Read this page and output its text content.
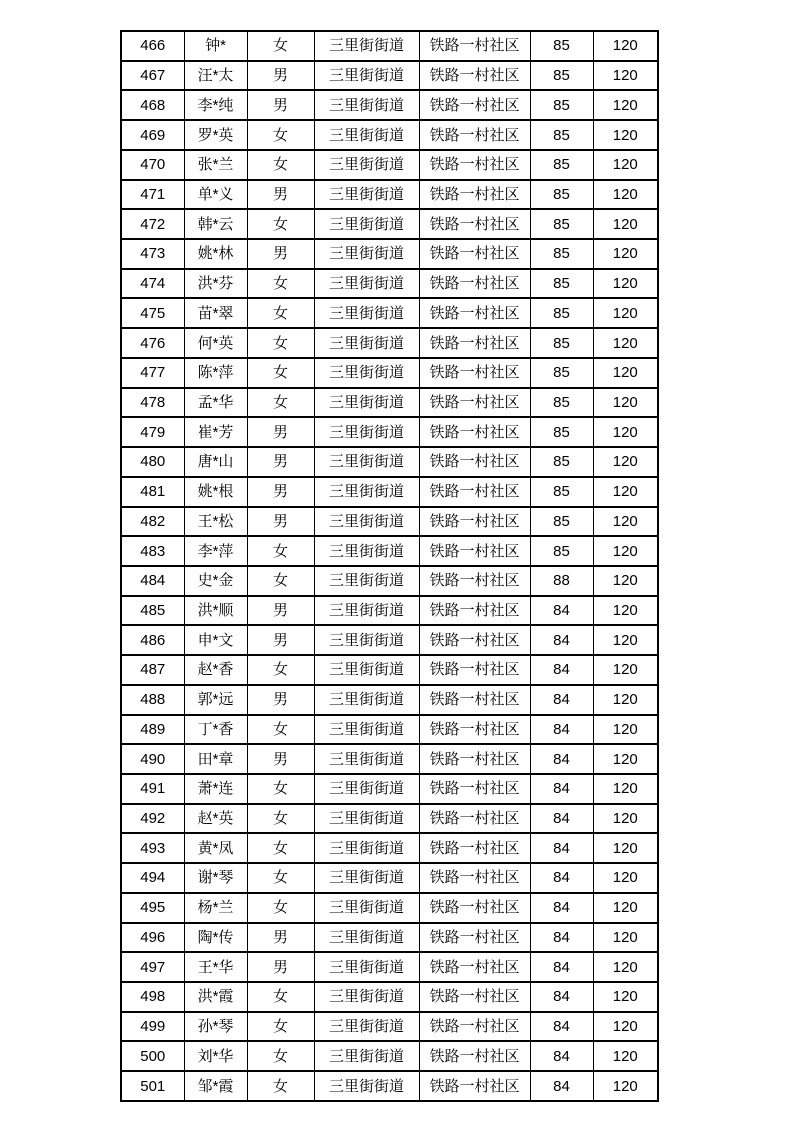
466	钟*	女	三里街街道	铁路一村社区	85	120
467	汪*太	男	三里街街道	铁路一村社区	85	120
468	李*纯	男	三里街街道	铁路一村社区	85	120
469	罗*英	女	三里街街道	铁路一村社区	85	120
470	张*兰	女	三里街街道	铁路一村社区	85	120
471	单*义	男	三里街街道	铁路一村社区	85	120
472	韩*云	女	三里街街道	铁路一村社区	85	120
473	姚*林	男	三里街街道	铁路一村社区	85	120
474	洪*芬	女	三里街街道	铁路一村社区	85	120
475	苗*翠	女	三里街街道	铁路一村社区	85	120
476	何*英	女	三里街街道	铁路一村社区	85	120
477	陈*萍	女	三里街街道	铁路一村社区	85	120
478	孟*华	女	三里街街道	铁路一村社区	85	120
479	崔*芳	男	三里街街道	铁路一村社区	85	120
480	唐*山	男	三里街街道	铁路一村社区	85	120
481	姚*根	男	三里街街道	铁路一村社区	85	120
482	王*松	男	三里街街道	铁路一村社区	85	120
483	李*萍	女	三里街街道	铁路一村社区	85	120
484	史*金	女	三里街街道	铁路一村社区	88	120
485	洪*顺	男	三里街街道	铁路一村社区	84	120
486	申*文	男	三里街街道	铁路一村社区	84	120
487	赵*香	女	三里街街道	铁路一村社区	84	120
488	郭*远	男	三里街街道	铁路一村社区	84	120
489	丁*香	女	三里街街道	铁路一村社区	84	120
490	田*章	男	三里街街道	铁路一村社区	84	120
491	萧*连	女	三里街街道	铁路一村社区	84	120
492	赵*英	女	三里街街道	铁路一村社区	84	120
493	黄*凤	女	三里街街道	铁路一村社区	84	120
494	谢*琴	女	三里街街道	铁路一村社区	84	120
495	杨*兰	女	三里街街道	铁路一村社区	84	120
496	陶*传	男	三里街街道	铁路一村社区	84	120
497	王*华	男	三里街街道	铁路一村社区	84	120
498	洪*霞	女	三里街街道	铁路一村社区	84	120
499	孙*琴	女	三里街街道	铁路一村社区	84	120
500	刘*华	女	三里街街道	铁路一村社区	84	120
501	邹*霞	女	三里街街道	铁路一村社区	84	120
